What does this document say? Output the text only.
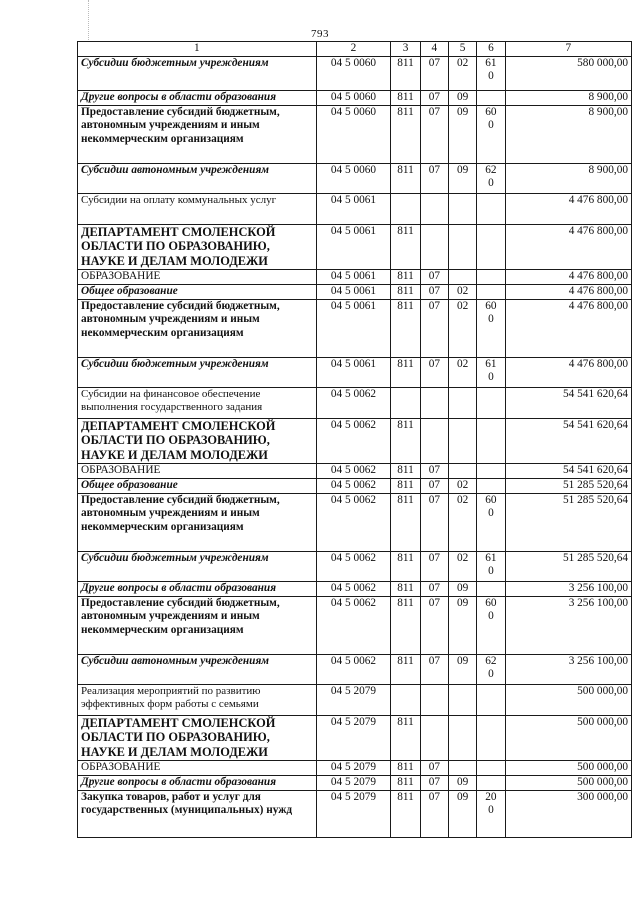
793
1	2	3	4	5	6	7
Субсидии бюджетным учреждениям	04 5 0060	811	07	02	610	580 000,00
Другие вопросы в области образования	04 5 0060	811	07	09		8 900,00
Предоставление субсидий бюджетным, автономным учреждениям и иным некоммерческим организациям	04 5 0060	811	07	09	600	8 900,00
Субсидии автономным учреждениям	04 5 0060	811	07	09	620	8 900,00
Субсидии на оплату коммунальных услуг	04 5 0061					4 476 800,00
ДЕПАРТАМЕНТ СМОЛЕНСКОЙ ОБЛАСТИ ПО ОБРАЗОВАНИЮ, НАУКЕ И ДЕЛАМ МОЛОДЕЖИ	04 5 0061	811				4 476 800,00
ОБРАЗОВАНИЕ	04 5 0061	811	07			4 476 800,00
Общее образование	04 5 0061	811	07	02		4 476 800,00
Предоставление субсидий бюджетным, автономным учреждениям и иным некоммерческим организациям	04 5 0061	811	07	02	600	4 476 800,00
Субсидии бюджетным учреждениям	04 5 0061	811	07	02	610	4 476 800,00
Субсидии на финансовое обеспечение выполнения государственного задания	04 5 0062					54 541 620,64
ДЕПАРТАМЕНТ СМОЛЕНСКОЙ ОБЛАСТИ ПО ОБРАЗОВАНИЮ, НАУКЕ И ДЕЛАМ МОЛОДЕЖИ	04 5 0062	811				54 541 620,64
ОБРАЗОВАНИЕ	04 5 0062	811	07			54 541 620,64
Общее образование	04 5 0062	811	07	02		51 285 520,64
Предоставление субсидий бюджетным, автономным учреждениям и иным некоммерческим организациям	04 5 0062	811	07	02	600	51 285 520,64
Субсидии бюджетным учреждениям	04 5 0062	811	07	02	610	51 285 520,64
Другие вопросы в области образования	04 5 0062	811	07	09		3 256 100,00
Предоставление субсидий бюджетным, автономным учреждениям и иным некоммерческим организациям	04 5 0062	811	07	09	600	3 256 100,00
Субсидии автономным учреждениям	04 5 0062	811	07	09	620	3 256 100,00
Реализация мероприятий по развитию эффективных форм работы с семьями	04 5 2079					500 000,00
ДЕПАРТАМЕНТ СМОЛЕНСКОЙ ОБЛАСТИ ПО ОБРАЗОВАНИЮ, НАУКЕ И ДЕЛАМ МОЛОДЕЖИ	04 5 2079	811				500 000,00
ОБРАЗОВАНИЕ	04 5 2079	811	07			500 000,00
Другие вопросы в области образования	04 5 2079	811	07	09		500 000,00
Закупка товаров, работ и услуг для государственных (муниципальных) нужд	04 5 2079	811	07	09	200	300 000,00
